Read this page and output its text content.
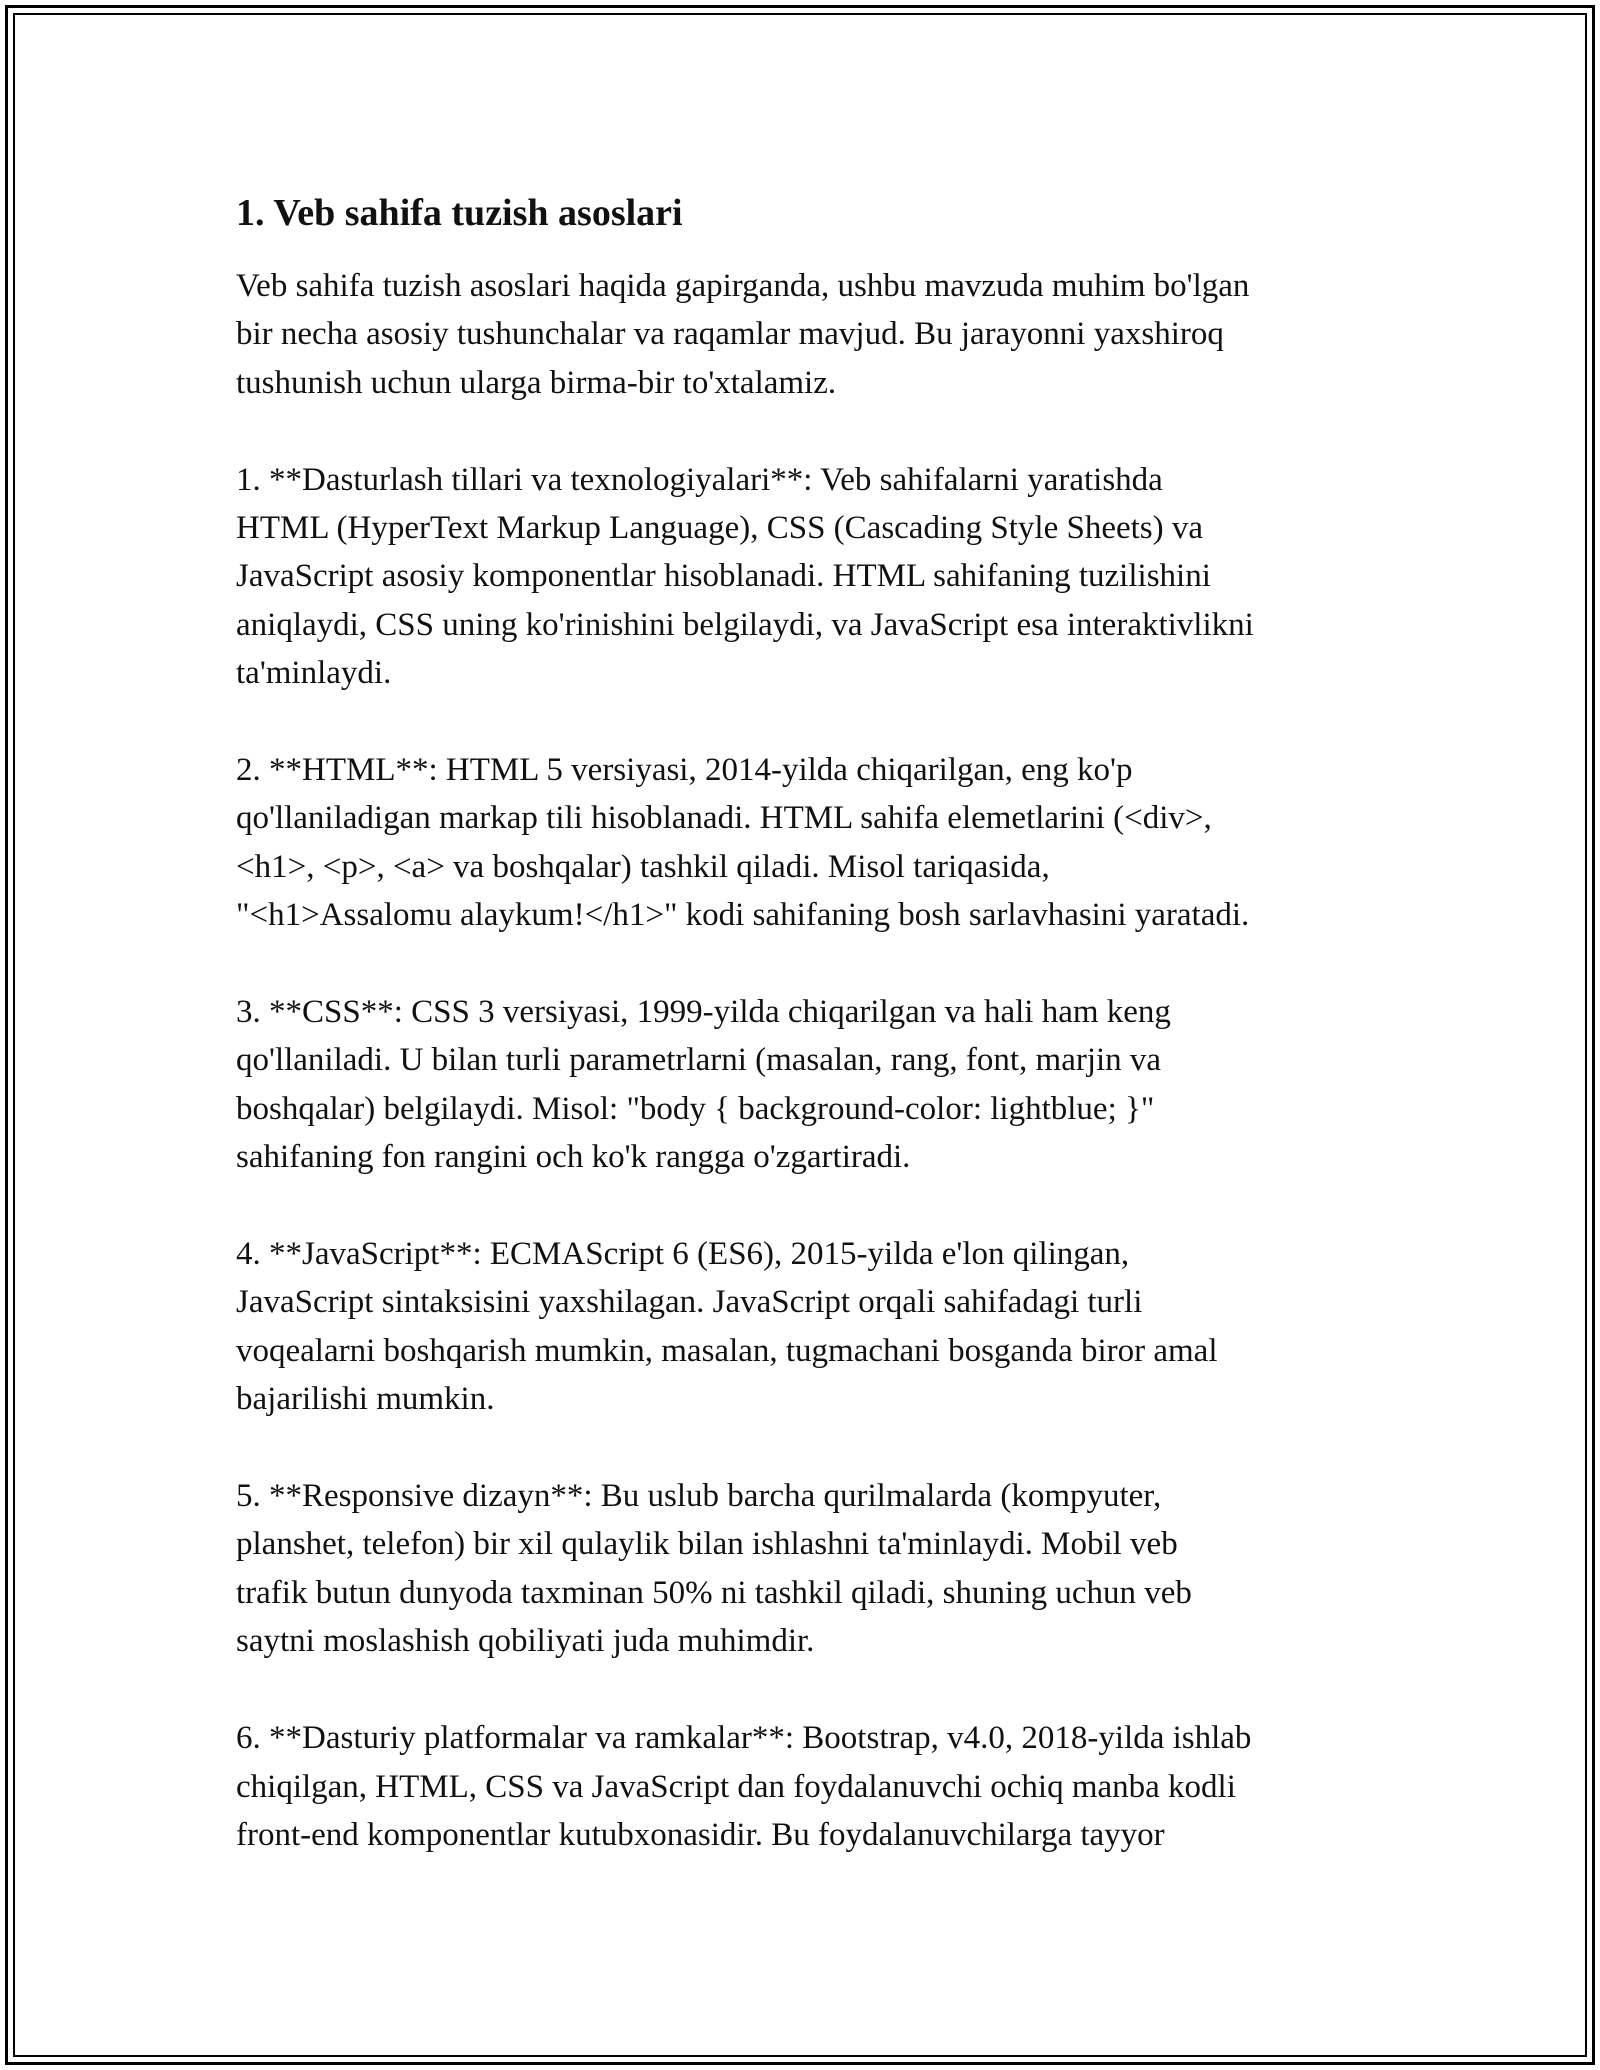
1. Veb sahifa tuzish asoslari

Veb sahifa tuzish asoslari haqida gapirganda, ushbu mavzuda muhim bo'lgan
bir necha asosiy tushunchalar va raqamlar mavjud. Bu jarayonni yaxshiroq
tushunish uchun ularga birma-bir to'xtalamiz.

1. **Dasturlash tillari va texnologiyalari**: Veb sahifalarni yaratishda
HTML (HyperText Markup Language), CSS (Cascading Style Sheets) va
JavaScript asosiy komponentlar hisoblanadi. HTML sahifaning tuzilishini
aniqlaydi, CSS uning ko'rinishini belgilaydi, va JavaScript esa interaktivlikni
ta'minlaydi.

2. **HTML**: HTML 5 versiyasi, 2014-yilda chiqarilgan, eng ko'p
qo'llaniladigan markap tili hisoblanadi. HTML sahifa elemetlarini (<div>,
<h1>, <p>, <a> va boshqalar) tashkil qiladi. Misol tariqasida,
"<h1>Assalomu alaykum!</h1>" kodi sahifaning bosh sarlavhasini yaratadi.

3. **CSS**: CSS 3 versiyasi, 1999-yilda chiqarilgan va hali ham keng
qo'llaniladi. U bilan turli parametrlarni (masalan, rang, font, marjin va
boshqalar) belgilaydi. Misol: "body { background-color: lightblue; }"
sahifaning fon rangini och ko'k rangga o'zgartiradi.

4. **JavaScript**: ECMAScript 6 (ES6), 2015-yilda e'lon qilingan,
JavaScript sintaksisini yaxshilagan. JavaScript orqali sahifadagi turli
voqealarni boshqarish mumkin, masalan, tugmachani bosganda biror amal
bajarilishi mumkin.

5. **Responsive dizayn**: Bu uslub barcha qurilmalarda (kompyuter,
planshet, telefon) bir xil qulaylik bilan ishlashni ta'minlaydi. Mobil veb
trafik butun dunyoda taxminan 50% ni tashkil qiladi, shuning uchun veb
saytni moslashish qobiliyati juda muhimdir.

6. **Dasturiy platformalar va ramkalar**: Bootstrap, v4.0, 2018-yilda ishlab
chiqilgan, HTML, CSS va JavaScript dan foydalanuvchi ochiq manba kodli
front-end komponentlar kutubxonasidir. Bu foydalanuvchilarga tayyor
